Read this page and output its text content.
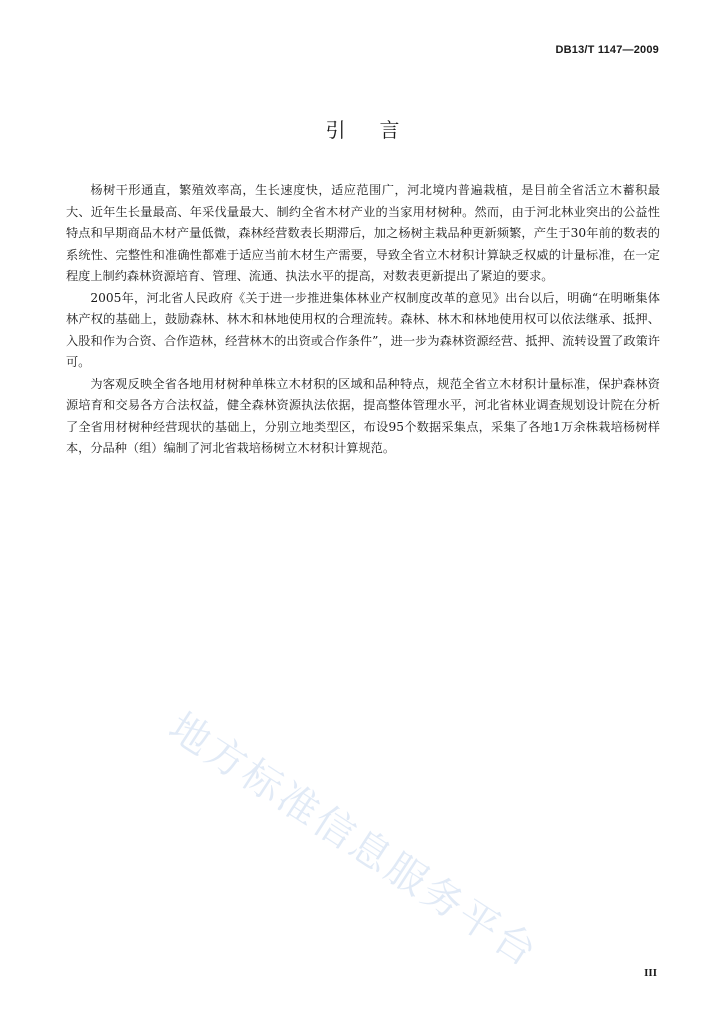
DB13/T 1147—2009
引言

杨树干形通直，繁殖效率高，生长速度快，适应范围广，河北境内普遍栽植，是目前全省活立木蓄积最大、近年生长量最高、年采伐量最大、制约全省木材产业的当家用材树种。然而，由于河北林业突出的公益性特点和早期商品木材产量低微，森林经营数表长期滞后，加之杨树主栽品种更新频繁，产生于30年前的数表的系统性、完整性和准确性都难于适应当前木材生产需要，导致全省立木材积计算缺乏权威的计量标准，在一定程度上制约森林资源培育、管理、流通、执法水平的提高，对数表更新提出了紧迫的要求。

2005年，河北省人民政府《关于进一步推进集体林业产权制度改革的意见》出台以后，明确“在明晰集体林产权的基础上，鼓励森林、林木和林地使用权的合理流转。森林、林木和林地使用权可以依法继承、抵押、入股和作为合资、合作造林，经营林木的出资或合作条件”，进一步为森林资源经营、抵押、流转设置了政策许可。

为客观反映全省各地用材树种单株立木材积的区域和品种特点，规范全省立木材积计量标准，保护森林资源培育和交易各方合法权益，健全森林资源执法依据，提高整体管理水平，河北省林业调查规划设计院在分析了全省用材树种经营现状的基础上，分别立地类型区，布设95个数据采集点，采集了各地1万余株栽培杨树样本，分品种（组）编制了河北省栽培杨树立木材积计算规范。

地方标准信息服务平台	III
